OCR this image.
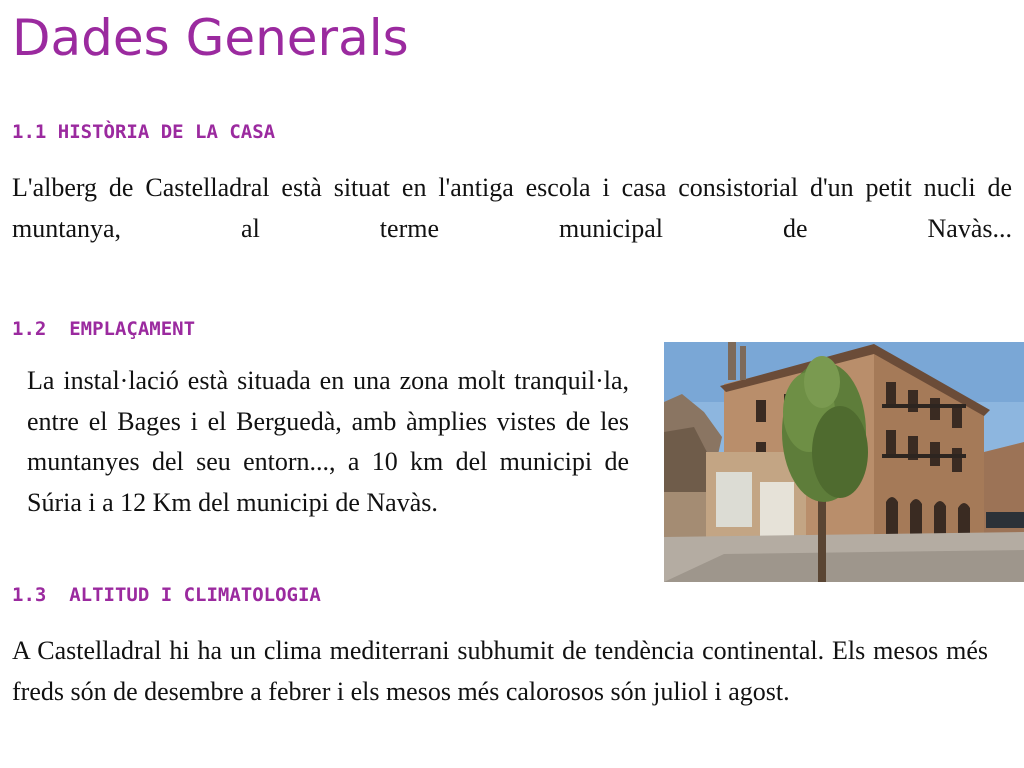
Dades Generals
1.1 HISTÒRIA DE LA CASA

L'alberg de Castelladral està situat en l'antiga escola i casa consistorial d'un petit nucli de muntanya, al terme municipal de Navàs...

1.2  EMPLAÇAMENT

La instal·lació està situada en una zona molt tranquil·la, entre el Bages i el Berguedà, amb àmplies vistes de les muntanyes del seu entorn..., a 10 km del municipi de Súria i a 12 Km del municipi de Navàs.

1.3  ALTITUD I CLIMATOLOGIA

A Castelladral hi ha un clima mediterrani subhumit de tendència continental. Els mesos més freds són de desembre a febrer i els mesos més calorosos són juliol i agost.
